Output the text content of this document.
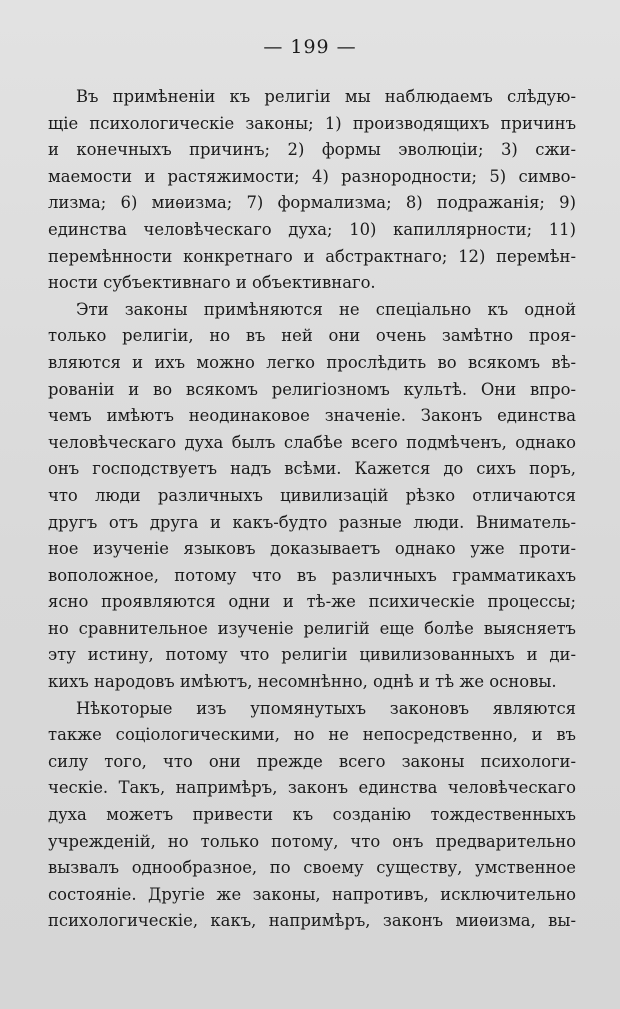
— 199 —
Въ примѣненіи къ религіи мы наблюдаемъ слѣдую-
щіе психологическіе законы; 1) производящихъ причинъ
и конечныхъ причинъ; 2) формы эволюціи; 3) сжи-
маемости и растяжимости; 4) разнородности; 5) симво-
лизма; 6) миѳизма; 7) формализма; 8) подражанія; 9)
единства человѣческаго духа; 10) капиллярности; 11)
перемѣнности конкретнаго и абстрактнаго; 12) перемѣн-
ности субъективнаго и объективнаго.
Эти законы примѣняются не спеціально къ одной
только религіи, но въ ней они очень замѣтно проя-
вляются и ихъ можно легко прослѣдить во всякомъ вѣ-
рованіи и во всякомъ религіозномъ культѣ. Они впро-
чемъ имѣютъ неодинаковое значеніе. Законъ единства
человѣческаго духа былъ слабѣе всего подмѣченъ, однако
онъ господствуетъ надъ всѣми. Кажется до сихъ поръ,
что люди различныхъ цивилизацій рѣзко отличаются
другъ отъ друга и какъ-будто разные люди. Вниматель-
ное изученіе языковъ доказываетъ однако уже проти-
воположное, потому что въ различныхъ грамматикахъ
ясно проявляются одни и тѣ-же психическіе процессы;
но сравнительное изученіе религій еще болѣе выясняетъ
эту истину, потому что религіи цивилизованныхъ и ди-
кихъ народовъ имѣютъ, несомнѣнно, однѣ и тѣ же основы.
Нѣкоторые изъ упомянутыхъ законовъ являются
также соціологическими, но не непосредственно, и въ
силу того, что они прежде всего законы психологи-
ческіе. Такъ, напримѣръ, законъ единства человѣческаго
духа можетъ привести къ созданію тождественныхъ
учрежденій, но только потому, что онъ предварительно
вызвалъ однообразное, по своему существу, умственное
состояніе. Другіе же законы, напротивъ, исключительно
психологическіе, какъ, напримѣръ, законъ миѳизма, вы-
